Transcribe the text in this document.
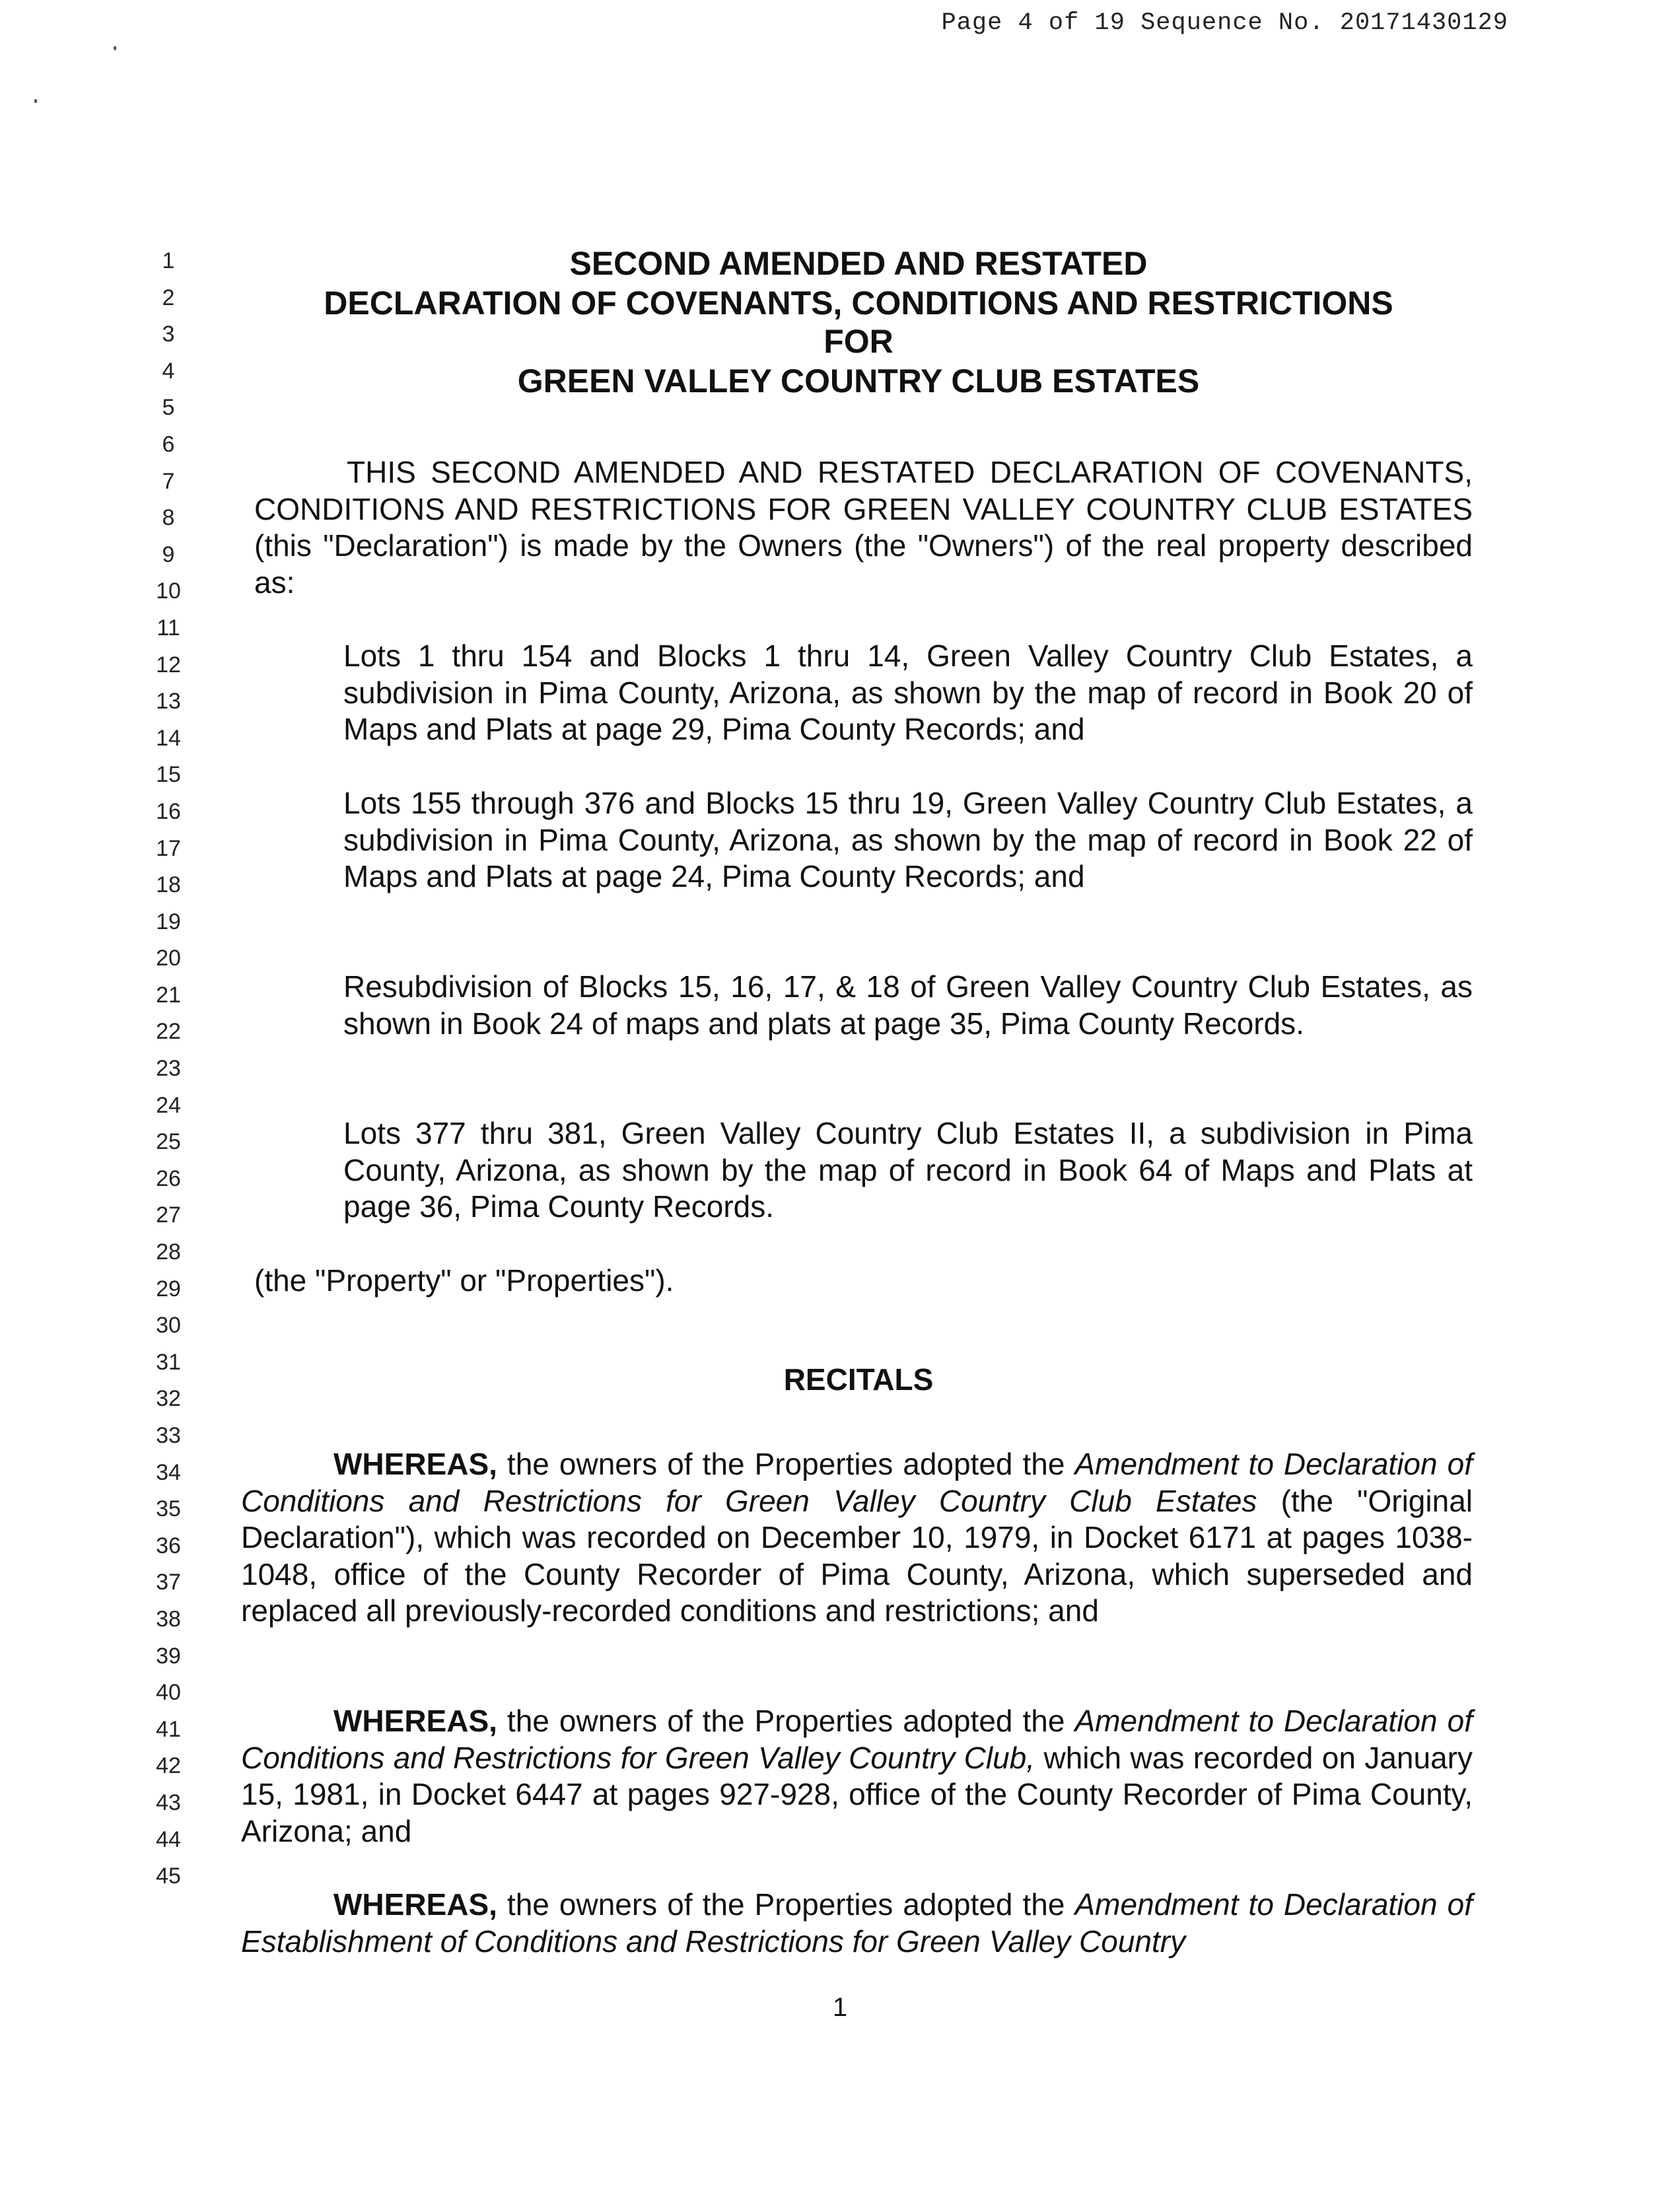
Page 4 of 19 Sequence No. 20171430129
1
2
3
4
5
6
7
8
9
10
11
12
13
14
15
16
17
18
19
20
21
22
23
24
25
26
27
28
29
30
31
32
33
34
35
36
37
38
39
40
41
42
43
44
45
SECOND AMENDED AND RESTATED
DECLARATION OF COVENANTS, CONDITIONS AND RESTRICTIONS
FOR
GREEN VALLEY COUNTRY CLUB ESTATES

THIS SECOND AMENDED AND RESTATED DECLARATION OF COVENANTS, CONDITIONS AND RESTRICTIONS FOR GREEN VALLEY COUNTRY CLUB ESTATES (this "Declaration") is made by the Owners (the "Owners") of the real property described as:

Lots 1 thru 154 and Blocks 1 thru 14, Green Valley Country Club Estates, a subdivision in Pima County, Arizona, as shown by the map of record in Book 20 of Maps and Plats at page 29, Pima County Records; and

Lots 155 through 376 and Blocks 15 thru 19, Green Valley Country Club Estates, a subdivision in Pima County, Arizona, as shown by the map of record in Book 22 of Maps and Plats at page 24, Pima County Records; and

Resubdivision of Blocks 15, 16, 17, & 18 of Green Valley Country Club Estates, as shown in Book 24 of maps and plats at page 35, Pima County Records.

Lots 377 thru 381, Green Valley Country Club Estates II, a subdivision in Pima County, Arizona, as shown by the map of record in Book 64 of Maps and Plats at page 36, Pima County Records.

(the "Property" or "Properties").

RECITALS

WHEREAS, the owners of the Properties adopted the Amendment to Declaration of Conditions and Restrictions for Green Valley Country Club Estates (the "Original Declaration"), which was recorded on December 10, 1979, in Docket 6171 at pages 1038-1048, office of the County Recorder of Pima County, Arizona, which superseded and replaced all previously-recorded conditions and restrictions; and

WHEREAS, the owners of the Properties adopted the Amendment to Declaration of Conditions and Restrictions for Green Valley Country Club, which was recorded on January 15, 1981, in Docket 6447 at pages 927-928, office of the County Recorder of Pima County, Arizona; and

WHEREAS, the owners of the Properties adopted the Amendment to Declaration of Establishment of Conditions and Restrictions for Green Valley Country

1
